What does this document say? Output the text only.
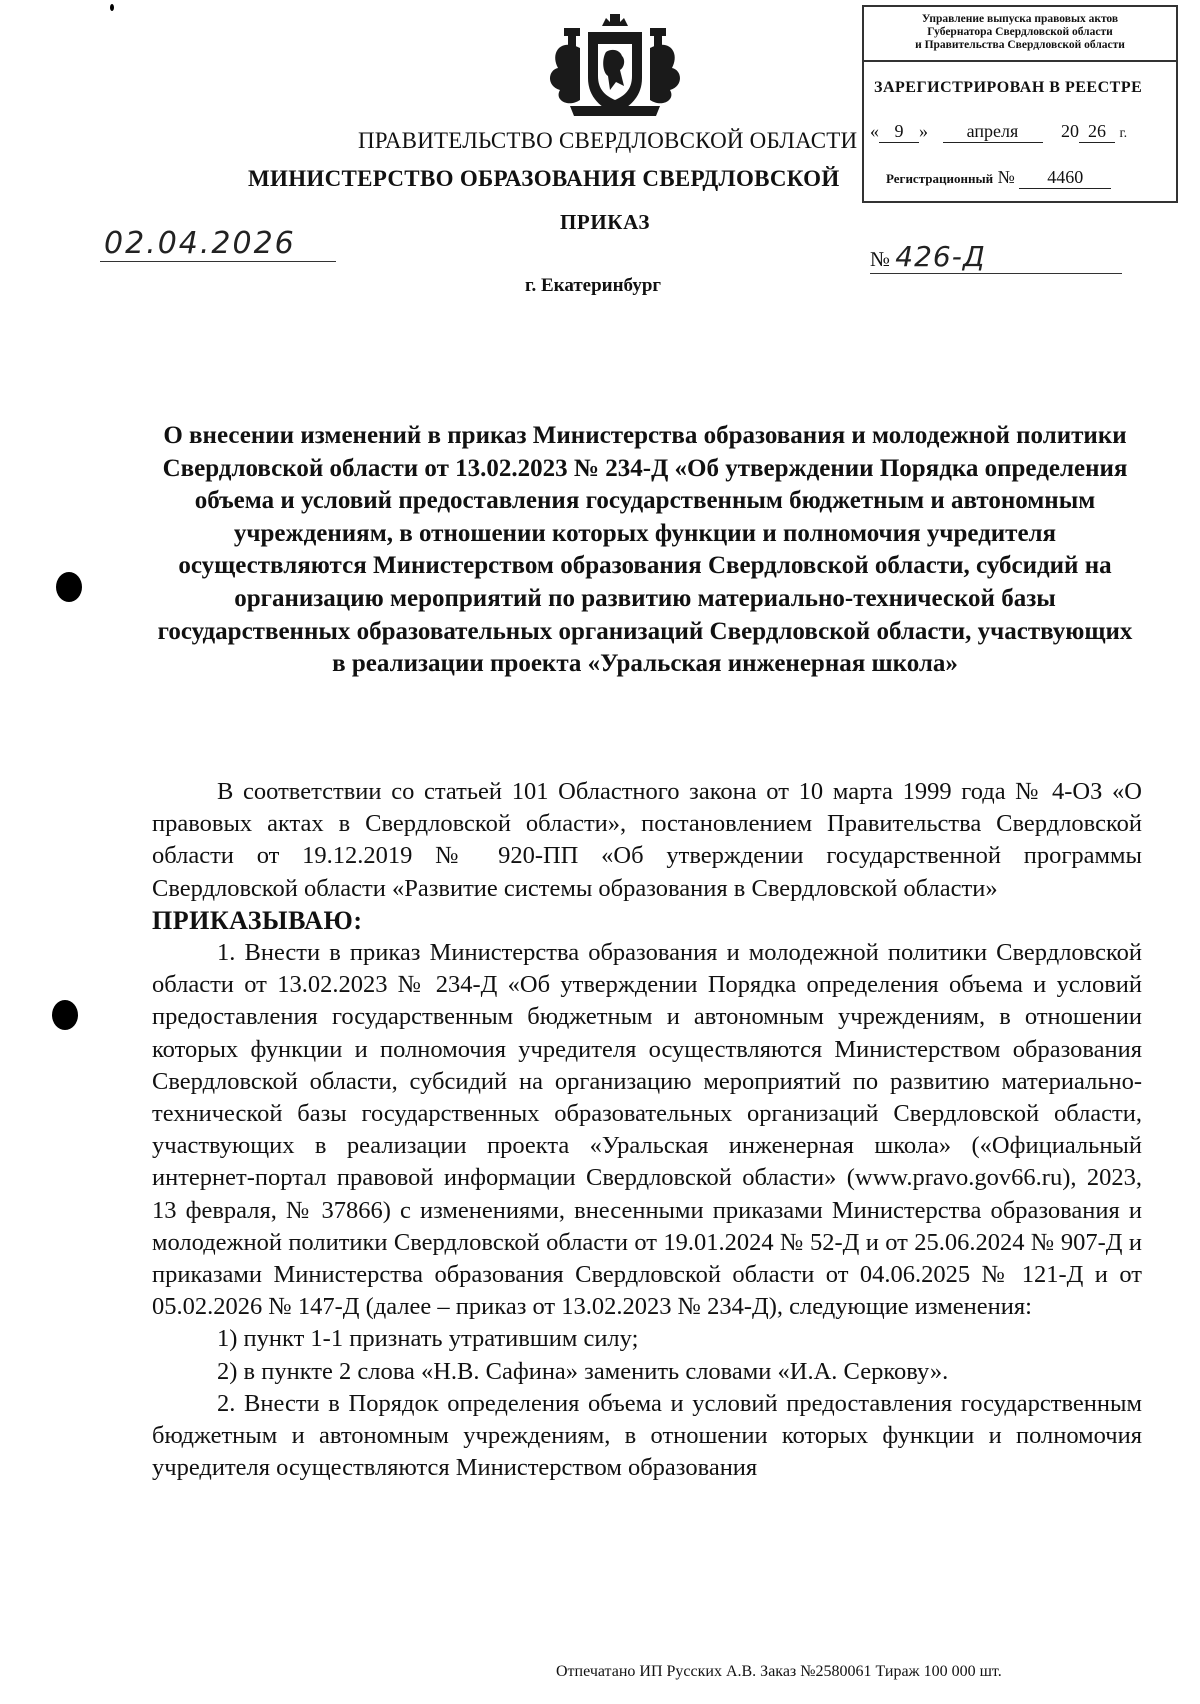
Управление выпуска правовых актов
Губернатора Свердловской области
и Правительства Свердловской области
ЗАРЕГИСТРИРОВАН В РЕЕСТРЕ
« 9 » апреля 20 26 г.
Регистрационный № 4460
ПРАВИТЕЛЬСТВО СВЕРДЛОВСКОЙ ОБЛАСТИ
МИНИСТЕРСТВО ОБРАЗОВАНИЯ СВЕРДЛОВСКОЙ
ПРИКАЗ
02.04.2026	№ 426-Д
г. Екатеринбург
О внесении изменений в приказ Министерства образования и молодежной политики Свердловской области от 13.02.2023 № 234-Д «Об утверждении Порядка определения объема и условий предоставления государственным бюджетным и автономным учреждениям, в отношении которых функции и полномочия учредителя осуществляются Министерством образования Свердловской области, субсидий на организацию мероприятий по развитию материально-технической базы государственных образовательных организаций Свердловской области, участвующих в реализации проекта «Уральская инженерная школа»

В соответствии со статьей 101 Областного закона от 10 марта 1999 года № 4-ОЗ «О правовых актах в Свердловской области», постановлением Правительства Свердловской области от 19.12.2019 № 920-ПП «Об утверждении государственной программы Свердловской области «Развитие системы образования в Свердловской области»

ПРИКАЗЫВАЮ:

1. Внести в приказ Министерства образования и молодежной политики Свердловской области от 13.02.2023 № 234-Д «Об утверждении Порядка определения объема и условий предоставления государственным бюджетным и автономным учреждениям, в отношении которых функции и полномочия учредителя осуществляются Министерством образования Свердловской области, субсидий на организацию мероприятий по развитию материально-технической базы государственных образовательных организаций Свердловской области, участвующих в реализации проекта «Уральская инженерная школа» («Официальный интернет-портал правовой информации Свердловской области» (www.pravo.gov66.ru), 2023, 13 февраля, № 37866) с изменениями, внесенными приказами Министерства образования и молодежной политики Свердловской области от 19.01.2024 № 52-Д и от 25.06.2024 № 907-Д и приказами Министерства образования Свердловской области от 04.06.2025 № 121-Д и от 05.02.2026 № 147-Д (далее – приказ от 13.02.2023 № 234-Д), следующие изменения:

1) пункт 1-1 признать утратившим силу;

2) в пункте 2 слова «Н.В. Сафина» заменить словами «И.А. Серкову».

2. Внести в Порядок определения объема и условий предоставления государственным бюджетным и автономным учреждениям, в отношении которых функции и полномочия учредителя осуществляются Министерством образования

Отпечатано ИП Русских А.В. Заказ №2580061 Тираж 100 000 шт.
